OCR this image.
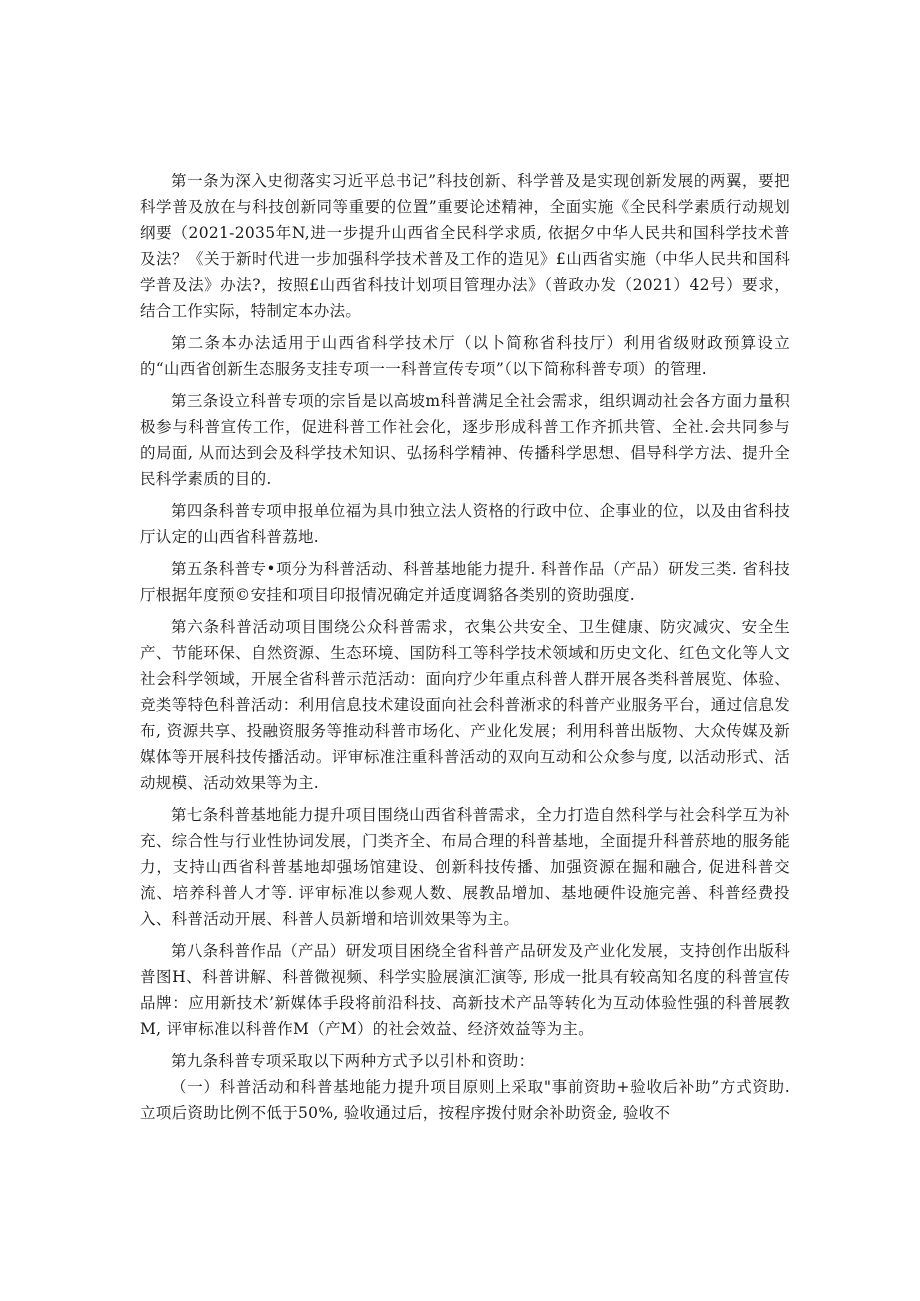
第一条为深入史彻落实习近平总书记”科技创新、科学普及是实现创新发展的两翼，要把科学普及放在与科技创新同等重要的位置”重要论述精神，全面实施《全民科学素质行动规划纲要（2021-2035年N,进一步提升山西省全民科学求质, 依据夕中华人民共和国科学技术普及法？《关于新时代进一步加强科学技术普及工作的造见》£山西省实施（中华人民共和国科学普及法》办法?，按照£山西省科技计划项目管理办法》（普政办发（2021）42号）要求，结合工作实际，特制定本办法。

第二条本办法适用于山西省科学技术厅（以卜简称省科技厅）利用省级财政预算设立的“山西省创新生态服务支挂专项一一科普宣传专项”（以下简称科普专项）的管理.

第三条设立科普专项的宗旨是以高坡m科普满足全社会需求，组织调动社会各方面力量积极参与科普宣传工作，促进科普工作社会化，逐步形成科普工作齐抓共管、全社.会共同参与的局面, 从而达到会及科学技术知识、弘扬科学精神、传播科学思想、倡导科学方法、提升全民科学素质的目的.

第四条科普专项申报单位福为具巾独立法人资格的行政中位、企事业的位，以及由省科技厅认定的山西省科普荔地.

第五条科普专•项分为科普活动、科普基地能力提升. 科普作品（产品）研发三类. 省科技厅根据年度预©安挂和项目印报情况确定并适度调貉各类别的资助强度.

第六条科普活动项目围绕公众科普需求，衣集公共安全、卫生健康、防灾减灾、安全生产、节能环保、自然资源、生态环境、国防科工等科学技术领域和历史文化、红色文化等人文社会科学领域，开展全省科普示范活动：面向疗少年重点科普人群开展各类科普展览、体验、竞类等特色科普活动：利用信息技术建设面向社会科普淅求的科普产业服务平台，通过信息发布, 资源共享、投融资服务等推动科普市场化、产业化发展；利用科普出版物、大众传媒及新媒体等开展科技传播活动。评审标准注重科普活动的双向互动和公众参与度, 以活动形式、活动规模、活动效果等为主.

第七条科普基地能力提升项目围绕山西省科普需求，全力打造自然科学与社会科学互为补充、综合性与行业性协词发展，门类齐全、布局合理的科普基地，全面提升科普菸地的服务能力，支持山西省科普基地却强场馆建设、创新科技传播、加强资源在掘和融合, 促进科普交流、培养科普人才等. 评审标准以参观人数、展教品增加、基地硬件设施完善、科普经费投入、科普活动开展、科普人员新增和培训效果等为主。

第八条科普作品（产品）研发项目困绕全省科普产品研发及产业化发展，支持创作出版科普图H、科普讲解、科普微视频、科学实脸展演汇演等, 形成一批具有较高知名度的科普宣传品牌：应用新技术’新媒体手段将前沿科技、高新技术产品等转化为互动体验性强的科普展教M, 评审标准以科普作M（产M）的社会效益、经济效益等为主。

第九条科普专项采取以下两种方式予以引朴和资助：

（一）科普活动和科普基地能力提升项目原则上采取"事前资助+验收后补助”方式资助. 立项后资助比例不低于50%, 验收通过后，按程序拨付财余补助资金, 验收不
